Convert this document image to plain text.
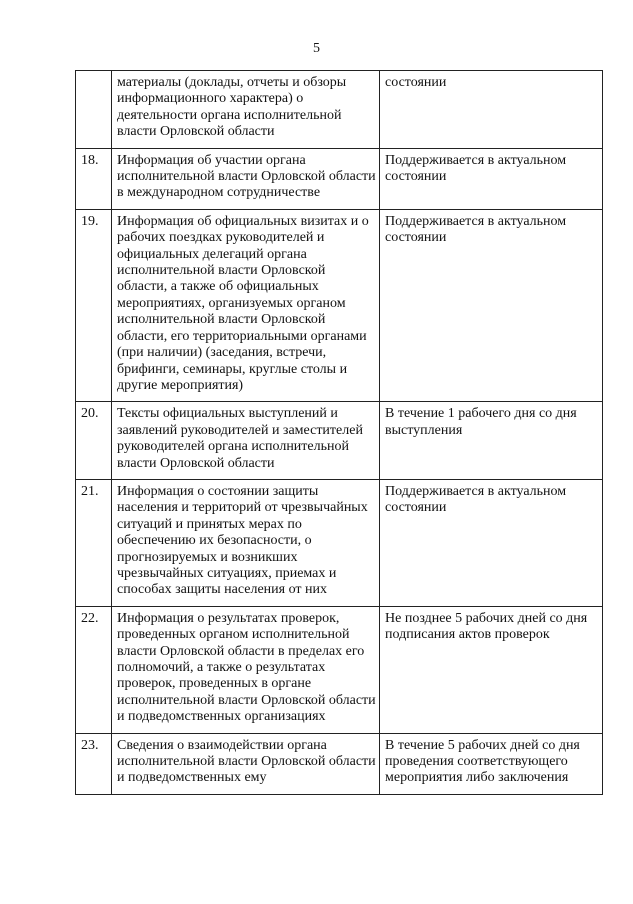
5
	материалы (доклады, отчеты и обзоры информационного характера) о деятельности органа исполнительной власти Орловской области	состоянии
18.	Информация об участии органа исполнительной власти Орловской области в международном сотрудничестве	Поддерживается в актуальном состоянии
19.	Информация об официальных визитах и о рабочих поездках руководителей и официальных делегаций органа исполнительной власти Орловской области, а также об официальных мероприятиях, организуемых органом исполнительной власти Орловской области, его территориальными органами (при наличии) (заседания, встречи, брифинги, семинары, круглые столы и другие мероприятия)	Поддерживается в актуальном состоянии
20.	Тексты официальных выступлений и заявлений руководителей и заместителей руководителей органа исполнительной власти Орловской области	В течение 1 рабочего дня со дня выступления
21.	Информация о состоянии защиты населения и территорий от чрезвычайных ситуаций и принятых мерах по обеспечению их безопасности, о прогнозируемых и возникших чрезвычайных ситуациях, приемах и способах защиты населения от них	Поддерживается в актуальном состоянии
22.	Информация о результатах проверок, проведенных органом исполнительной власти Орловской области в пределах его полномочий, а также о результатах проверок, проведенных в органе исполнительной власти Орловской области и подведомственных организациях	Не позднее 5 рабочих дней со дня подписания актов проверок
23.	Сведения о взаимодействии органа исполнительной власти Орловской области и подведомственных ему	В течение 5 рабочих дней со дня проведения соответствующего мероприятия либо заключения
